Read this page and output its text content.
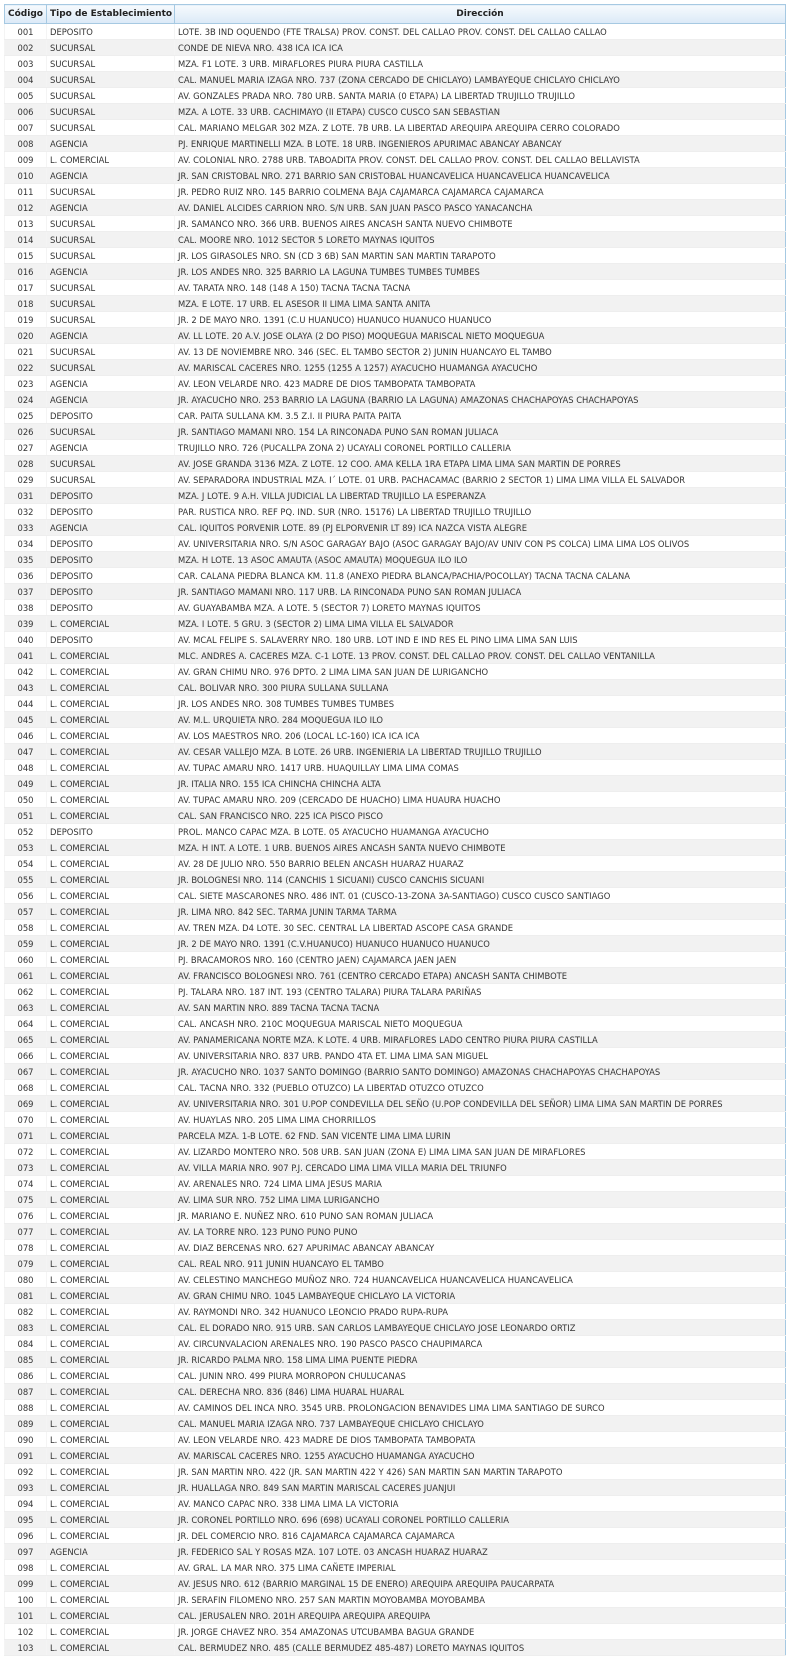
Código	Tipo de Establecimiento	Dirección
001	DEPOSITO	LOTE. 3B IND OQUENDO (FTE TRALSA) PROV. CONST. DEL CALLAO PROV. CONST. DEL CALLAO CALLAO
002	SUCURSAL	CONDE DE NIEVA NRO. 438 ICA ICA ICA
003	SUCURSAL	MZA. F1 LOTE. 3 URB. MIRAFLORES PIURA PIURA CASTILLA
004	SUCURSAL	CAL. MANUEL MARIA IZAGA NRO. 737 (ZONA CERCADO DE CHICLAYO) LAMBAYEQUE CHICLAYO CHICLAYO
005	SUCURSAL	AV. GONZALES PRADA NRO. 780 URB. SANTA MARIA (0 ETAPA) LA LIBERTAD TRUJILLO TRUJILLO
006	SUCURSAL	MZA. A LOTE. 33 URB. CACHIMAYO (II ETAPA) CUSCO CUSCO SAN SEBASTIAN
007	SUCURSAL	CAL. MARIANO MELGAR 302 MZA. Z LOTE. 7B URB. LA LIBERTAD AREQUIPA AREQUIPA CERRO COLORADO
008	AGENCIA	PJ. ENRIQUE MARTINELLI MZA. B LOTE. 18 URB. INGENIEROS APURIMAC ABANCAY ABANCAY
009	L. COMERCIAL	AV. COLONIAL NRO. 2788 URB. TABOADITA PROV. CONST. DEL CALLAO PROV. CONST. DEL CALLAO BELLAVISTA
010	AGENCIA	JR. SAN CRISTOBAL NRO. 271 BARRIO SAN CRISTOBAL HUANCAVELICA HUANCAVELICA HUANCAVELICA
011	SUCURSAL	JR. PEDRO RUIZ NRO. 145 BARRIO COLMENA BAJA CAJAMARCA CAJAMARCA CAJAMARCA
012	AGENCIA	AV. DANIEL ALCIDES CARRION NRO. S/N URB. SAN JUAN PASCO PASCO YANACANCHA
013	SUCURSAL	JR. SAMANCO NRO. 366 URB. BUENOS AIRES ANCASH SANTA NUEVO CHIMBOTE
014	SUCURSAL	CAL. MOORE NRO. 1012 SECTOR 5 LORETO MAYNAS IQUITOS
015	SUCURSAL	JR. LOS GIRASOLES NRO. SN (CD 3 6B) SAN MARTIN SAN MARTIN TARAPOTO
016	AGENCIA	JR. LOS ANDES NRO. 325 BARRIO LA LAGUNA TUMBES TUMBES TUMBES
017	SUCURSAL	AV. TARATA NRO. 148 (148 A 150) TACNA TACNA TACNA
018	SUCURSAL	MZA. E LOTE. 17 URB. EL ASESOR II LIMA LIMA SANTA ANITA
019	SUCURSAL	JR. 2 DE MAYO NRO. 1391 (C.U HUANUCO) HUANUCO HUANUCO HUANUCO
020	AGENCIA	AV. LL LOTE. 20 A.V. JOSE OLAYA (2 DO PISO) MOQUEGUA MARISCAL NIETO MOQUEGUA
021	SUCURSAL	AV. 13 DE NOVIEMBRE NRO. 346 (SEC. EL TAMBO SECTOR 2) JUNIN HUANCAYO EL TAMBO
022	SUCURSAL	AV. MARISCAL CACERES NRO. 1255 (1255 A 1257) AYACUCHO HUAMANGA AYACUCHO
023	AGENCIA	AV. LEON VELARDE NRO. 423 MADRE DE DIOS TAMBOPATA TAMBOPATA
024	AGENCIA	JR. AYACUCHO NRO. 253 BARRIO LA LAGUNA (BARRIO LA LAGUNA) AMAZONAS CHACHAPOYAS CHACHAPOYAS
025	DEPOSITO	CAR. PAITA SULLANA KM. 3.5 Z.I. II PIURA PAITA PAITA
026	SUCURSAL	JR. SANTIAGO MAMANI NRO. 154 LA RINCONADA PUNO SAN ROMAN JULIACA
027	AGENCIA	TRUJILLO NRO. 726 (PUCALLPA ZONA 2) UCAYALI CORONEL PORTILLO CALLERIA
028	SUCURSAL	AV. JOSE GRANDA 3136 MZA. Z LOTE. 12 COO. AMA KELLA 1RA ETAPA LIMA LIMA SAN MARTIN DE PORRES
029	SUCURSAL	AV. SEPARADORA INDUSTRIAL MZA. I´ LOTE. 01 URB. PACHACAMAC (BARRIO 2 SECTOR 1) LIMA LIMA VILLA EL SALVADOR
031	DEPOSITO	MZA. J LOTE. 9 A.H. VILLA JUDICIAL LA LIBERTAD TRUJILLO LA ESPERANZA
032	DEPOSITO	PAR. RUSTICA NRO. REF PQ. IND. SUR (NRO. 15176) LA LIBERTAD TRUJILLO TRUJILLO
033	AGENCIA	CAL. IQUITOS PORVENIR LOTE. 89 (PJ ELPORVENIR LT 89) ICA NAZCA VISTA ALEGRE
034	DEPOSITO	AV. UNIVERSITARIA NRO. S/N ASOC GARAGAY BAJO (ASOC GARAGAY BAJO/AV UNIV CON PS COLCA) LIMA LIMA LOS OLIVOS
035	DEPOSITO	MZA. H LOTE. 13 ASOC AMAUTA (ASOC AMAUTA) MOQUEGUA ILO ILO
036	DEPOSITO	CAR. CALANA PIEDRA BLANCA KM. 11.8 (ANEXO PIEDRA BLANCA/PACHIA/POCOLLAY) TACNA TACNA CALANA
037	DEPOSITO	JR. SANTIAGO MAMANI NRO. 117 URB. LA RINCONADA PUNO SAN ROMAN JULIACA
038	DEPOSITO	AV. GUAYABAMBA MZA. A LOTE. 5 (SECTOR 7) LORETO MAYNAS IQUITOS
039	L. COMERCIAL	MZA. I LOTE. 5 GRU. 3 (SECTOR 2) LIMA LIMA VILLA EL SALVADOR
040	DEPOSITO	AV. MCAL FELIPE S. SALAVERRY NRO. 180 URB. LOT IND E IND RES EL PINO LIMA LIMA SAN LUIS
041	L. COMERCIAL	MLC. ANDRES A. CACERES MZA. C-1 LOTE. 13 PROV. CONST. DEL CALLAO PROV. CONST. DEL CALLAO VENTANILLA
042	L. COMERCIAL	AV. GRAN CHIMU NRO. 976 DPTO. 2 LIMA LIMA SAN JUAN DE LURIGANCHO
043	L. COMERCIAL	CAL. BOLIVAR NRO. 300 PIURA SULLANA SULLANA
044	L. COMERCIAL	JR. LOS ANDES NRO. 308 TUMBES TUMBES TUMBES
045	L. COMERCIAL	AV. M.L. URQUIETA NRO. 284 MOQUEGUA ILO ILO
046	L. COMERCIAL	AV. LOS MAESTROS NRO. 206 (LOCAL LC-160) ICA ICA ICA
047	L. COMERCIAL	AV. CESAR VALLEJO MZA. B LOTE. 26 URB. INGENIERIA LA LIBERTAD TRUJILLO TRUJILLO
048	L. COMERCIAL	AV. TUPAC AMARU NRO. 1417 URB. HUAQUILLAY LIMA LIMA COMAS
049	L. COMERCIAL	JR. ITALIA NRO. 155 ICA CHINCHA CHINCHA ALTA
050	L. COMERCIAL	AV. TUPAC AMARU NRO. 209 (CERCADO DE HUACHO) LIMA HUAURA HUACHO
051	L. COMERCIAL	CAL. SAN FRANCISCO NRO. 225 ICA PISCO PISCO
052	DEPOSITO	PROL. MANCO CAPAC MZA. B LOTE. 05 AYACUCHO HUAMANGA AYACUCHO
053	L. COMERCIAL	MZA. H INT. A LOTE. 1 URB. BUENOS AIRES ANCASH SANTA NUEVO CHIMBOTE
054	L. COMERCIAL	AV. 28 DE JULIO NRO. 550 BARRIO BELEN ANCASH HUARAZ HUARAZ
055	L. COMERCIAL	JR. BOLOGNESI NRO. 114 (CANCHIS 1 SICUANI) CUSCO CANCHIS SICUANI
056	L. COMERCIAL	CAL. SIETE MASCARONES NRO. 486 INT. 01 (CUSCO-13-ZONA 3A-SANTIAGO) CUSCO CUSCO SANTIAGO
057	L. COMERCIAL	JR. LIMA NRO. 842 SEC. TARMA JUNIN TARMA TARMA
058	L. COMERCIAL	AV. TREN MZA. D4 LOTE. 30 SEC. CENTRAL LA LIBERTAD ASCOPE CASA GRANDE
059	L. COMERCIAL	JR. 2 DE MAYO NRO. 1391 (C.V.HUANUCO) HUANUCO HUANUCO HUANUCO
060	L. COMERCIAL	PJ. BRACAMOROS NRO. 160 (CENTRO JAEN) CAJAMARCA JAEN JAEN
061	L. COMERCIAL	AV. FRANCISCO BOLOGNESI NRO. 761 (CENTRO CERCADO ETAPA) ANCASH SANTA CHIMBOTE
062	L. COMERCIAL	PJ. TALARA NRO. 187 INT. 193 (CENTRO TALARA) PIURA TALARA PARIÑAS
063	L. COMERCIAL	AV. SAN MARTIN NRO. 889 TACNA TACNA TACNA
064	L. COMERCIAL	CAL. ANCASH NRO. 210C MOQUEGUA MARISCAL NIETO MOQUEGUA
065	L. COMERCIAL	AV. PANAMERICANA NORTE MZA. K LOTE. 4 URB. MIRAFLORES LADO CENTRO PIURA PIURA CASTILLA
066	L. COMERCIAL	AV. UNIVERSITARIA NRO. 837 URB. PANDO 4TA ET. LIMA LIMA SAN MIGUEL
067	L. COMERCIAL	JR. AYACUCHO NRO. 1037 SANTO DOMINGO (BARRIO SANTO DOMINGO) AMAZONAS CHACHAPOYAS CHACHAPOYAS
068	L. COMERCIAL	CAL. TACNA NRO. 332 (PUEBLO OTUZCO) LA LIBERTAD OTUZCO OTUZCO
069	L. COMERCIAL	AV. UNIVERSITARIA NRO. 301 U.POP CONDEVILLA DEL SEÑO (U.POP CONDEVILLA DEL SEÑOR) LIMA LIMA SAN MARTIN DE PORRES
070	L. COMERCIAL	AV. HUAYLAS NRO. 205 LIMA LIMA CHORRILLOS
071	L. COMERCIAL	PARCELA MZA. 1-B LOTE. 62 FND. SAN VICENTE LIMA LIMA LURIN
072	L. COMERCIAL	AV. LIZARDO MONTERO NRO. 508 URB. SAN JUAN (ZONA E) LIMA LIMA SAN JUAN DE MIRAFLORES
073	L. COMERCIAL	AV. VILLA MARIA NRO. 907 P.J. CERCADO LIMA LIMA VILLA MARIA DEL TRIUNFO
074	L. COMERCIAL	AV. ARENALES NRO. 724 LIMA LIMA JESUS MARIA
075	L. COMERCIAL	AV. LIMA SUR NRO. 752 LIMA LIMA LURIGANCHO
076	L. COMERCIAL	JR. MARIANO E. NUÑEZ NRO. 610 PUNO SAN ROMAN JULIACA
077	L. COMERCIAL	AV. LA TORRE NRO. 123 PUNO PUNO PUNO
078	L. COMERCIAL	AV. DIAZ BERCENAS NRO. 627 APURIMAC ABANCAY ABANCAY
079	L. COMERCIAL	CAL. REAL NRO. 911 JUNIN HUANCAYO EL TAMBO
080	L. COMERCIAL	AV. CELESTINO MANCHEGO MUÑOZ NRO. 724 HUANCAVELICA HUANCAVELICA HUANCAVELICA
081	L. COMERCIAL	AV. GRAN CHIMU NRO. 1045 LAMBAYEQUE CHICLAYO LA VICTORIA
082	L. COMERCIAL	AV. RAYMONDI NRO. 342 HUANUCO LEONCIO PRADO RUPA-RUPA
083	L. COMERCIAL	CAL. EL DORADO NRO. 915 URB. SAN CARLOS LAMBAYEQUE CHICLAYO JOSE LEONARDO ORTIZ
084	L. COMERCIAL	AV. CIRCUNVALACION ARENALES NRO. 190 PASCO PASCO CHAUPIMARCA
085	L. COMERCIAL	JR. RICARDO PALMA NRO. 158 LIMA LIMA PUENTE PIEDRA
086	L. COMERCIAL	CAL. JUNIN NRO. 499 PIURA MORROPON CHULUCANAS
087	L. COMERCIAL	CAL. DERECHA NRO. 836 (846) LIMA HUARAL HUARAL
088	L. COMERCIAL	AV. CAMINOS DEL INCA NRO. 3545 URB. PROLONGACION BENAVIDES LIMA LIMA SANTIAGO DE SURCO
089	L. COMERCIAL	CAL. MANUEL MARIA IZAGA NRO. 737 LAMBAYEQUE CHICLAYO CHICLAYO
090	L. COMERCIAL	AV. LEON VELARDE NRO. 423 MADRE DE DIOS TAMBOPATA TAMBOPATA
091	L. COMERCIAL	AV. MARISCAL CACERES NRO. 1255 AYACUCHO HUAMANGA AYACUCHO
092	L. COMERCIAL	JR. SAN MARTIN NRO. 422 (JR. SAN MARTIN 422 Y 426) SAN MARTIN SAN MARTIN TARAPOTO
093	L. COMERCIAL	JR. HUALLAGA NRO. 849 SAN MARTIN MARISCAL CACERES JUANJUI
094	L. COMERCIAL	AV. MANCO CAPAC NRO. 338 LIMA LIMA LA VICTORIA
095	L. COMERCIAL	JR. CORONEL PORTILLO NRO. 696 (698) UCAYALI CORONEL PORTILLO CALLERIA
096	L. COMERCIAL	JR. DEL COMERCIO NRO. 816 CAJAMARCA CAJAMARCA CAJAMARCA
097	AGENCIA	JR. FEDERICO SAL Y ROSAS MZA. 107 LOTE. 03 ANCASH HUARAZ HUARAZ
098	L. COMERCIAL	AV. GRAL. LA MAR NRO. 375 LIMA CAÑETE IMPERIAL
099	L. COMERCIAL	AV. JESUS NRO. 612 (BARRIO MARGINAL 15 DE ENERO) AREQUIPA AREQUIPA PAUCARPATA
100	L. COMERCIAL	JR. SERAFIN FILOMENO NRO. 257 SAN MARTIN MOYOBAMBA MOYOBAMBA
101	L. COMERCIAL	CAL. JERUSALEN NRO. 201H AREQUIPA AREQUIPA AREQUIPA
102	L. COMERCIAL	JR. JORGE CHAVEZ NRO. 354 AMAZONAS UTCUBAMBA BAGUA GRANDE
103	L. COMERCIAL	CAL. BERMUDEZ NRO. 485 (CALLE BERMUDEZ 485-487) LORETO MAYNAS IQUITOS
